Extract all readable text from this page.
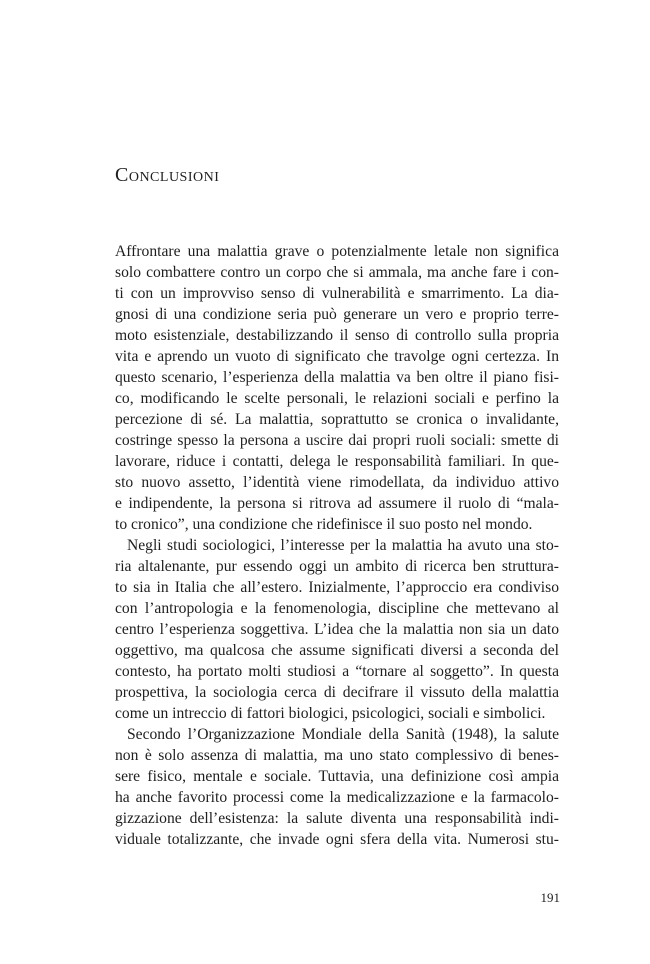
Conclusioni

Affrontare una malattia grave o potenzialmente letale non significa
solo combattere contro un corpo che si ammala, ma anche fare i con-
ti con un improvviso senso di vulnerabilità e smarrimento. La dia-
gnosi di una condizione seria può generare un vero e proprio terre-
moto esistenziale, destabilizzando il senso di controllo sulla propria
vita e aprendo un vuoto di significato che travolge ogni certezza. In
questo scenario, l’esperienza della malattia va ben oltre il piano fisi-
co, modificando le scelte personali, le relazioni sociali e perfino la
percezione di sé. La malattia, soprattutto se cronica o invalidante,
costringe spesso la persona a uscire dai propri ruoli sociali: smette di
lavorare, riduce i contatti, delega le responsabilità familiari. In que-
sto nuovo assetto, l’identità viene rimodellata, da individuo attivo
e indipendente, la persona si ritrova ad assumere il ruolo di “mala-
to cronico”, una condizione che ridefinisce il suo posto nel mondo.

Negli studi sociologici, l’interesse per la malattia ha avuto una sto-
ria altalenante, pur essendo oggi un ambito di ricerca ben struttura-
to sia in Italia che all’estero. Inizialmente, l’approccio era condiviso
con l’antropologia e la fenomenologia, discipline che mettevano al
centro l’esperienza soggettiva. L’idea che la malattia non sia un dato
oggettivo, ma qualcosa che assume significati diversi a seconda del
contesto, ha portato molti studiosi a “tornare al soggetto”. In questa
prospettiva, la sociologia cerca di decifrare il vissuto della malattia
come un intreccio di fattori biologici, psicologici, sociali e simbolici.

Secondo l’Organizzazione Mondiale della Sanità (1948), la salute
non è solo assenza di malattia, ma uno stato complessivo di benes-
sere fisico, mentale e sociale. Tuttavia, una definizione così ampia
ha anche favorito processi come la medicalizzazione e la farmacolo-
gizzazione dell’esistenza: la salute diventa una responsabilità indi-
viduale totalizzante, che invade ogni sfera della vita. Numerosi stu-

191
